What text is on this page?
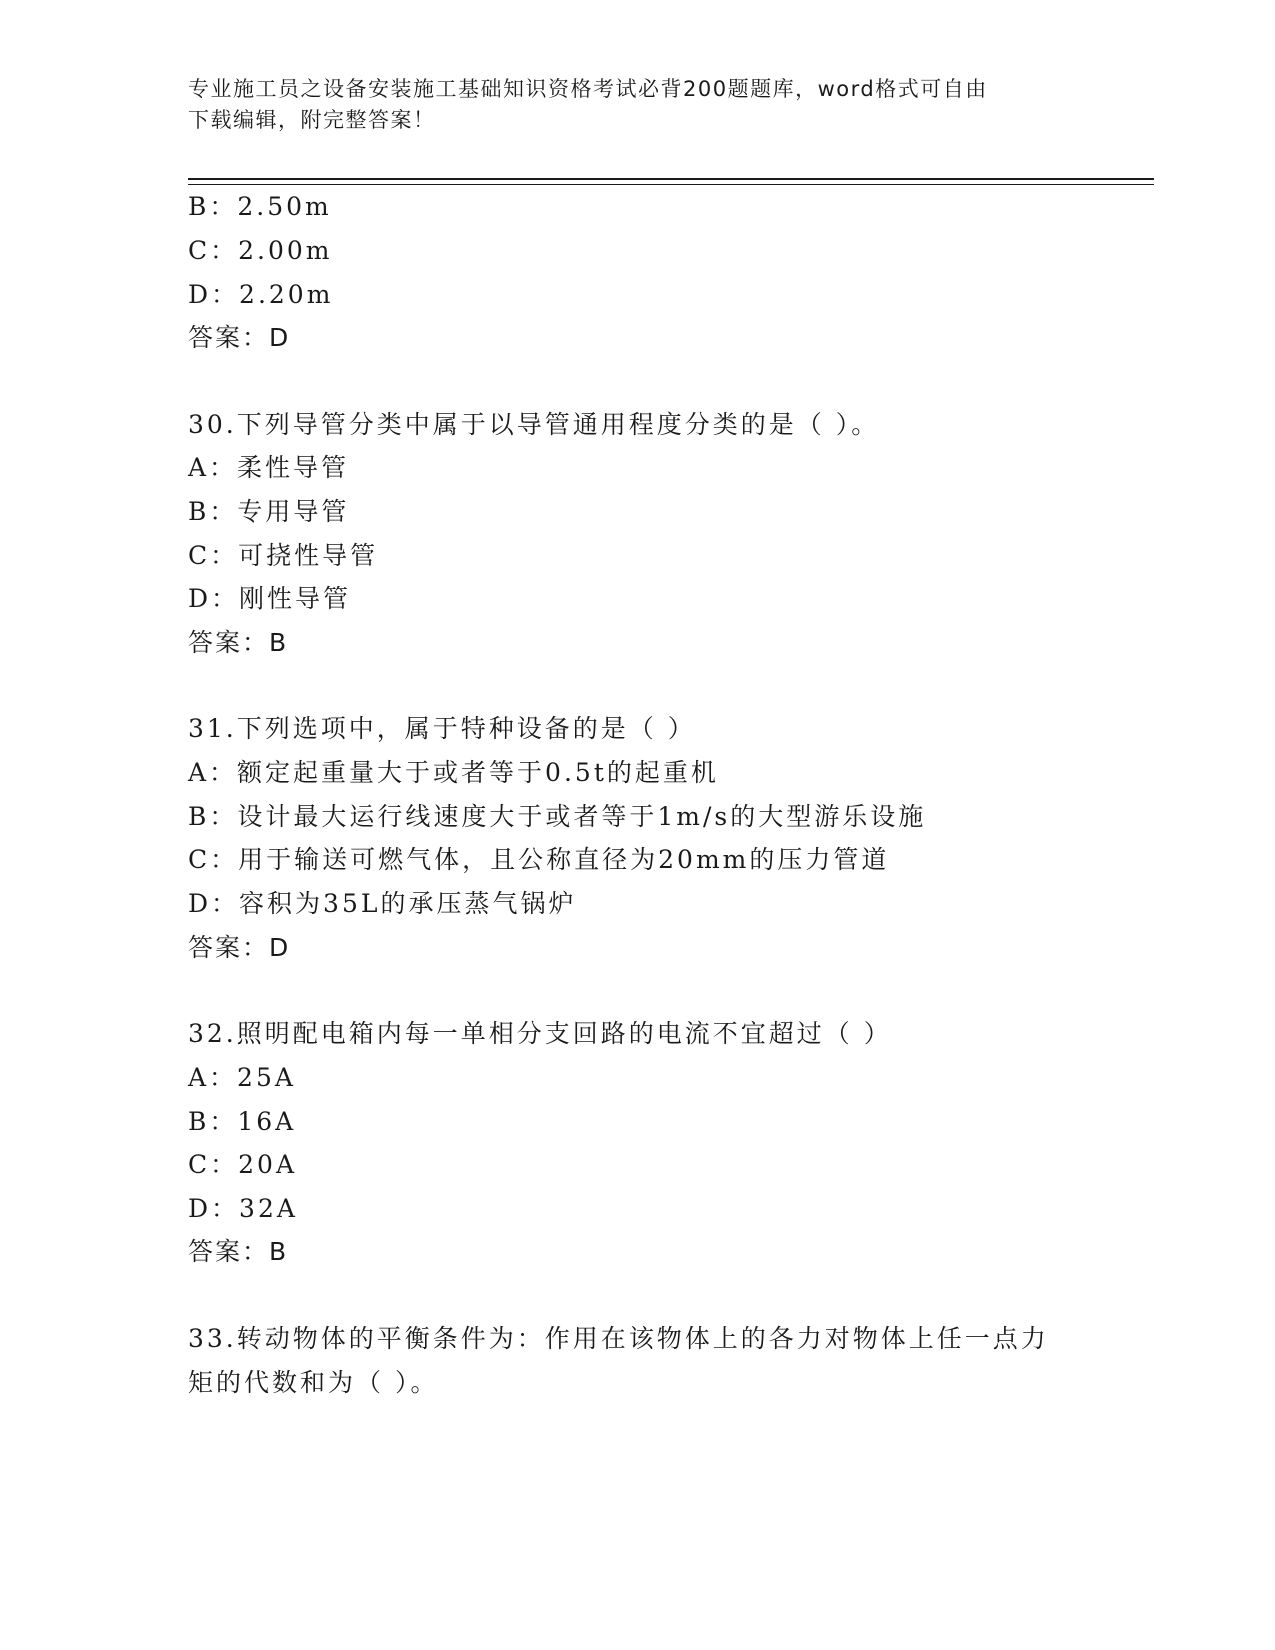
专业施工员之设备安装施工基础知识资格考试必背200题题库，word格式可自由
下载编辑，附完整答案！
B：2.50m
C：2.00m
D：2.20m
答案：D
30.下列导管分类中属于以导管通用程度分类的是（ ）。
A：柔性导管
B：专用导管
C：可挠性导管
D：刚性导管
答案：B
31.下列选项中，属于特种设备的是（ ）
A：额定起重量大于或者等于0.5t的起重机
B：设计最大运行线速度大于或者等于1m/s的大型游乐设施
C：用于输送可燃气体，且公称直径为20mm的压力管道
D：容积为35L的承压蒸气锅炉
答案：D
32.照明配电箱内每一单相分支回路的电流不宜超过（ ）
A：25A
B：16A
C：20A
D：32A
答案：B
33.转动物体的平衡条件为：作用在该物体上的各力对物体上任一点力
矩的代数和为（ ）。
